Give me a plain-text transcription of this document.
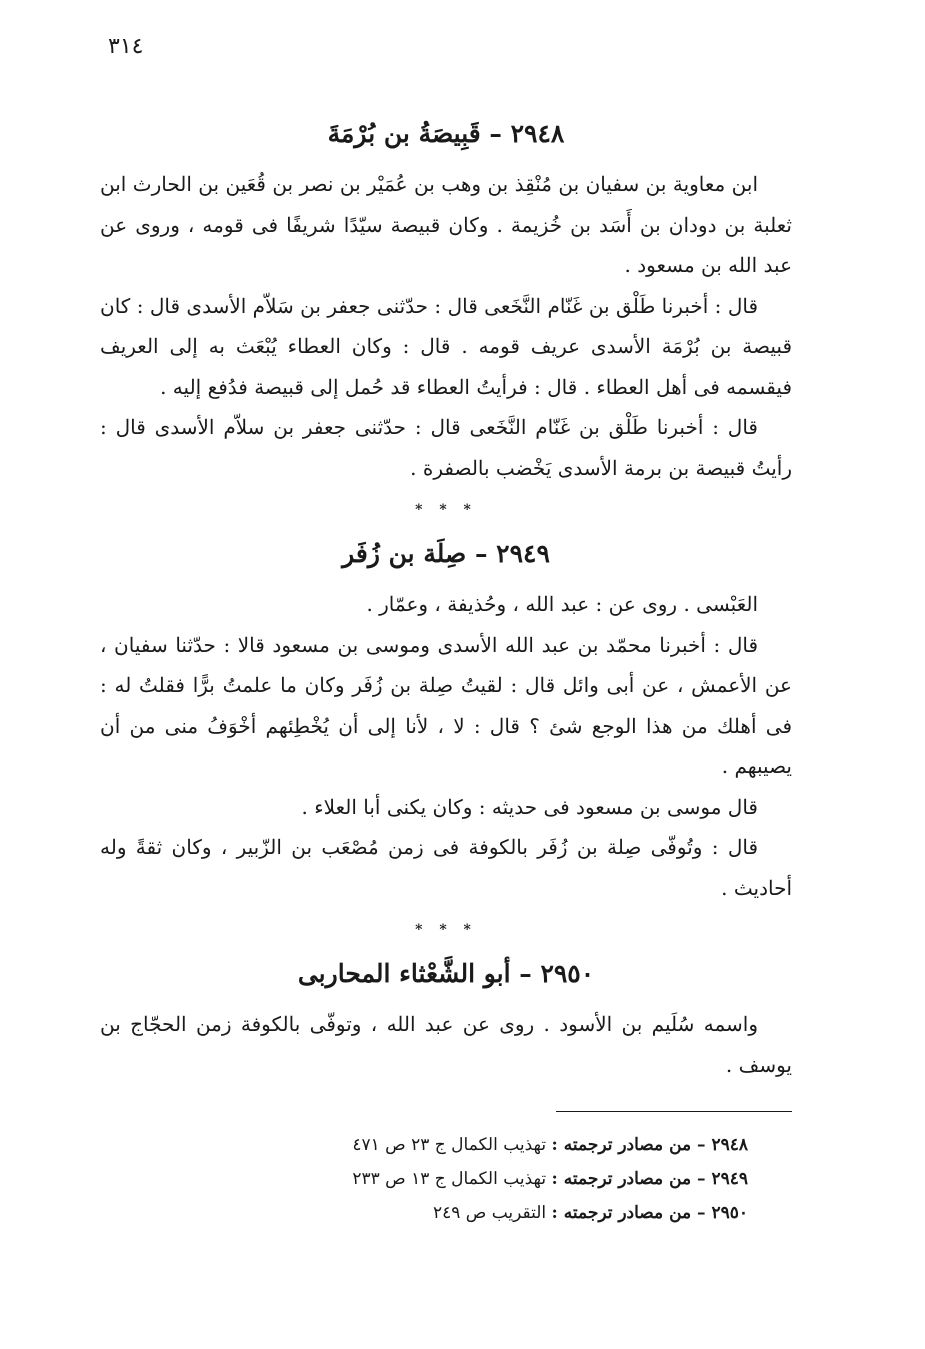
٣١٤
٢٩٤٨ – قَبِيصَةُ بن بُرْمَةَ

ابن معاوية بن سفيان بن مُنْقِذ بن وهب بن عُمَيْر بن نصر بن قُعَين بن الحارث ابن ثعلبة بن دودان بن أَسَد بن خُزيمة . وكان قبيصة سيّدًا شريفًا فى قومه ، وروى عن عبد الله بن مسعود .

قال : أخبرنا طَلْق بن غَنّام النَّخَعى قال : حدّثنى جعفر بن سَلاّم الأسدى قال : كان قبيصة بن بُرْمَة الأسدى عريف قومه . قال : وكان العطاء يُبْعَث به إلى العريف فيقسمه فى أهل العطاء . قال : فرأيتُ العطاء قد حُمل إلى قبيصة فدُفع إليه .

قال : أخبرنا طَلْق بن غَنّام النَّخَعى قال : حدّثنى جعفر بن سلاّم الأسدى قال : رأيتُ قبيصة بن برمة الأسدى يَخْضب بالصفرة .

* * *
٢٩٤٩ – صِلَة بن زُفَر

العَبْسى . روى عن : عبد الله ، وحُذيفة ، وعمّار .

قال : أخبرنا محمّد بن عبد الله الأسدى وموسى بن مسعود قالا : حدّثنا سفيان ، عن الأعمش ، عن أبى وائل قال : لقيتُ صِلة بن زُفَر وكان ما علمتُ برًّا فقلتُ له : فى أهلك من هذا الوجع شئ ؟ قال : لا ، لأنا إلى أن يُخْطِئهم أخْوَفُ منى من أن يصيبهم .

قال موسى بن مسعود فى حديثه : وكان يكنى أبا العلاء .

قال : وتُوفّى صِلة بن زُفَر بالكوفة فى زمن مُصْعَب بن الزّبير ، وكان ثقةً وله أحاديث .

* * *
٢٩٥٠ – أبو الشَّعْثاء المحاربى

واسمه سُلَيم بن الأسود . روى عن عبد الله ، وتوفّى بالكوفة زمن الحجّاج بن يوسف .

٢٩٤٨ – من مصادر ترجمته : تهذيب الكمال ج ٢٣ ص ٤٧١
٢٩٤٩ – من مصادر ترجمته : تهذيب الكمال ج ١٣ ص ٢٣٣
٢٩٥٠ – من مصادر ترجمته : التقريب ص ٢٤٩
